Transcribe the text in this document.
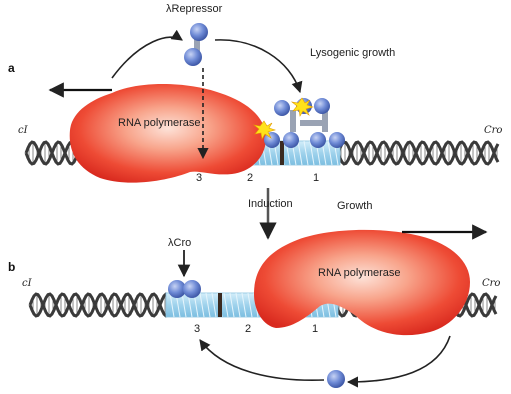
a
RNA polymerase
cI	Cro
3	2	1
λRepressor
Lysogenic growth
Induction	Growth
b	RNA polymerase
cI	Cro
3	2	1
λCro
